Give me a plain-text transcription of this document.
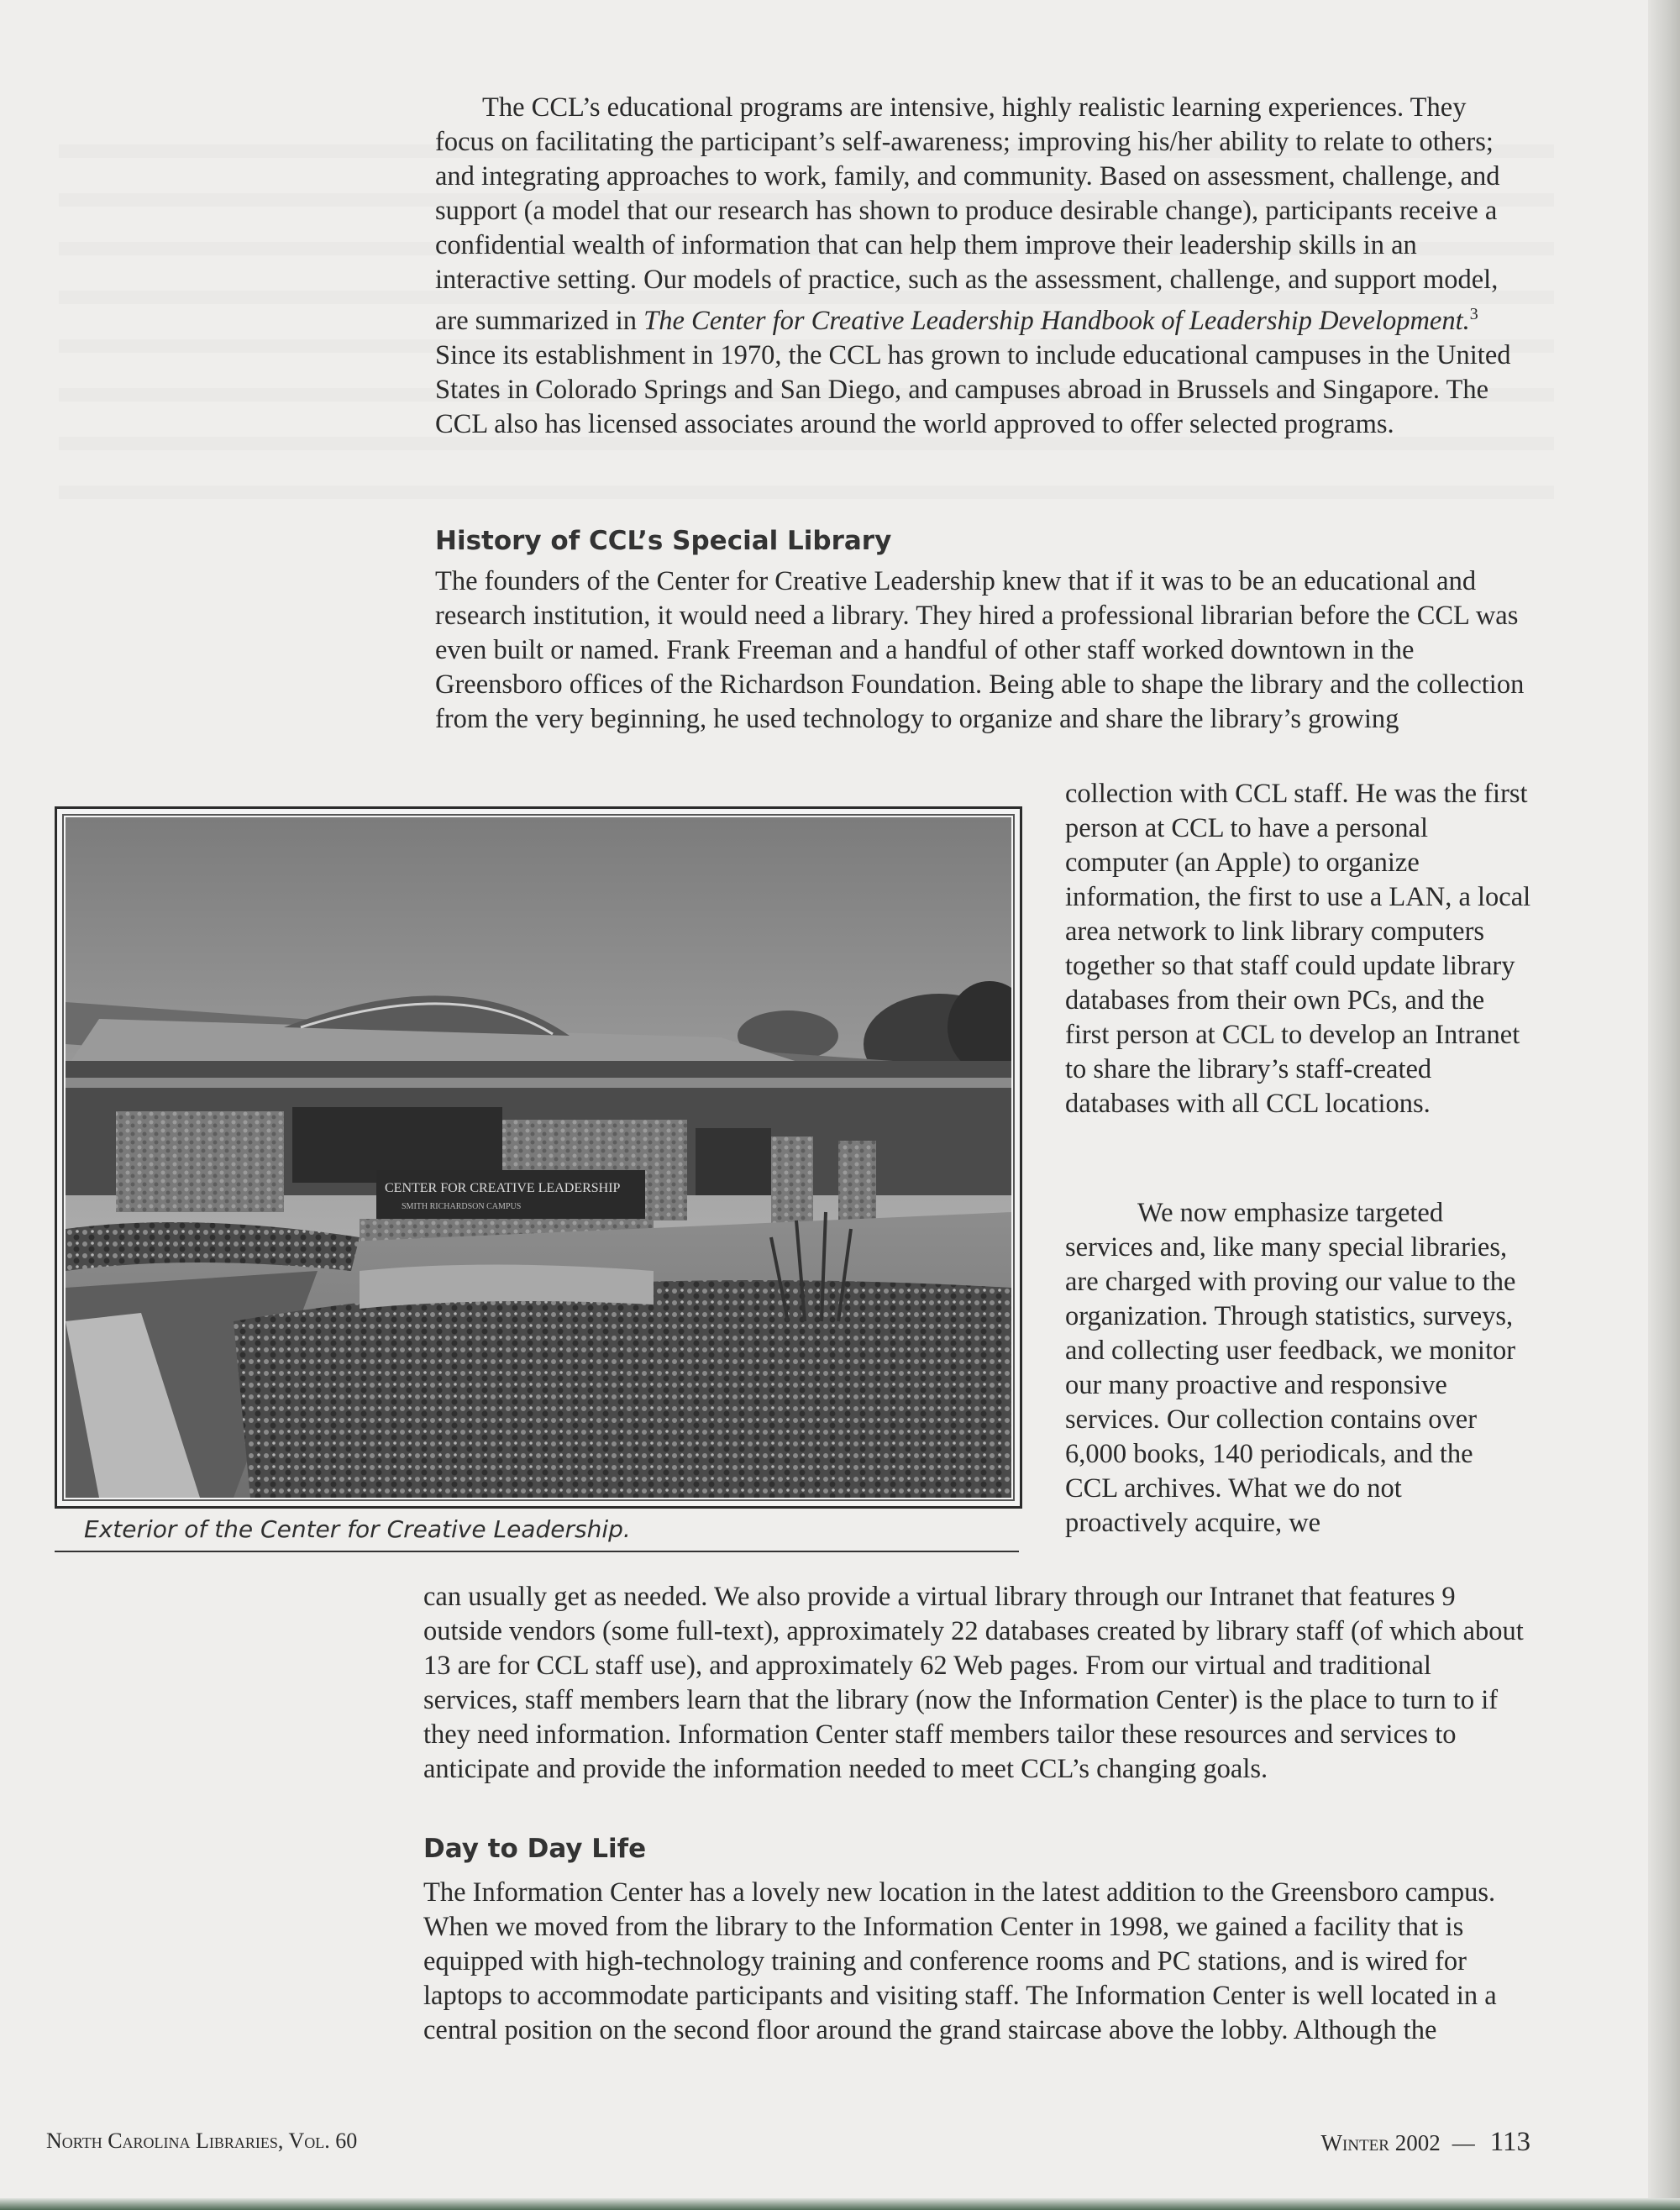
The CCL’s educational programs are intensive, highly realistic learning experiences. They focus on facilitating the participant’s self-awareness; improving his/her ability to relate to others; and integrating approaches to work, family, and community. Based on assessment, challenge, and support (a model that our research has shown to produce desirable change), participants receive a confidential wealth of information that can help them improve their leadership skills in an interactive setting. Our models of practice, such as the assessment, challenge, and support model, are summarized in The Center for Creative Leadership Handbook of Leadership Development.$^3$ Since its establishment in 1970, the CCL has grown to include educational campuses in the United States in Colorado Springs and San Diego, and campuses abroad in Brussels and Singapore. The CCL also has licensed associates around the world approved to offer selected programs.

History of CCL’s Special Library

The founders of the Center for Creative Leadership knew that if it was to be an educational and research institution, it would need a library. They hired a professional librarian before the CCL was even built or named. Frank Freeman and a handful of other staff worked downtown in the Greensboro offices of the Richardson Foundation. Being able to shape the library and the collection from the very beginning, he used technology to organize and share the library’s growing

collection with CCL staff. He was the first person at CCL to have a personal computer (an Apple) to organize information, the first to use a LAN, a local area network to link library computers together so that staff could update library databases from their own PCs, and the first person at CCL to develop an Intranet to share the library’s staff-created databases with all CCL locations.

We now emphasize targeted services and, like many special libraries, are charged with proving our value to the organization. Through statistics, surveys, and collecting user feedback, we monitor our many proactive and responsive services. Our collection contains over 6,000 books, 140 periodicals, and the CCL archives. What we do not proactively acquire, we

CENTER FOR CREATIVE LEADERSHIP
SMITH RICHARDSON CAMPUS

Exterior of the Center for Creative Leadership.

can usually get as needed. We also provide a virtual library through our Intranet that features 9 outside vendors (some full-text), approximately 22 databases created by library staff (of which about 13 are for CCL staff use), and approximately 62 Web pages. From our virtual and traditional services, staff members learn that the library (now the Information Center) is the place to turn to if they need information. Information Center staff members tailor these resources and services to anticipate and provide the information needed to meet CCL’s changing goals.

Day to Day Life

The Information Center has a lovely new location in the latest addition to the Greensboro campus. When we moved from the library to the Information Center in 1998, we gained a facility that is equipped with high-technology training and conference rooms and PC stations, and is wired for laptops to accommodate participants and visiting staff. The Information Center is well located in a central position on the second floor around the grand staircase above the lobby. Although the

North Carolina Libraries, Vol. 60	Winter 2002 — 113
